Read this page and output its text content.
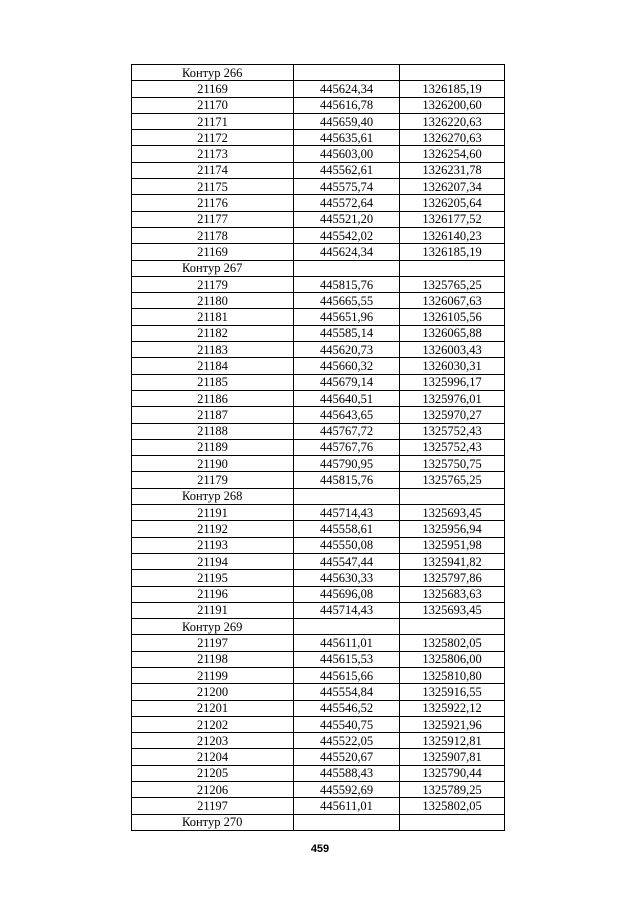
Контур 266		
21169	445624,34	1326185,19
21170	445616,78	1326200,60
21171	445659,40	1326220,63
21172	445635,61	1326270,63
21173	445603,00	1326254,60
21174	445562,61	1326231,78
21175	445575,74	1326207,34
21176	445572,64	1326205,64
21177	445521,20	1326177,52
21178	445542,02	1326140,23
21169	445624,34	1326185,19
Контур 267		
21179	445815,76	1325765,25
21180	445665,55	1326067,63
21181	445651,96	1326105,56
21182	445585,14	1326065,88
21183	445620,73	1326003,43
21184	445660,32	1326030,31
21185	445679,14	1325996,17
21186	445640,51	1325976,01
21187	445643,65	1325970,27
21188	445767,72	1325752,43
21189	445767,76	1325752,43
21190	445790,95	1325750,75
21179	445815,76	1325765,25
Контур 268		
21191	445714,43	1325693,45
21192	445558,61	1325956,94
21193	445550,08	1325951,98
21194	445547,44	1325941,82
21195	445630,33	1325797,86
21196	445696,08	1325683,63
21191	445714,43	1325693,45
Контур 269		
21197	445611,01	1325802,05
21198	445615,53	1325806,00
21199	445615,66	1325810,80
21200	445554,84	1325916,55
21201	445546,52	1325922,12
21202	445540,75	1325921,96
21203	445522,05	1325912,81
21204	445520,67	1325907,81
21205	445588,43	1325790,44
21206	445592,69	1325789,25
21197	445611,01	1325802,05
Контур 270		
459
